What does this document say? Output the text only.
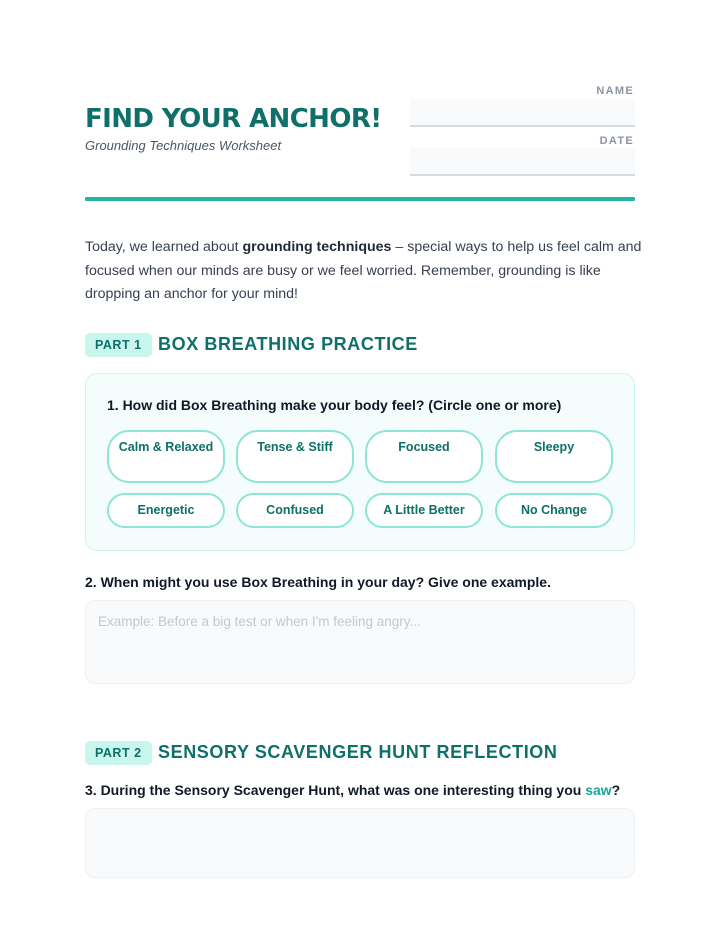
FIND YOUR ANCHOR!
Grounding Techniques Worksheet
NAME
DATE

Today, we learned about grounding techniques – special ways to help us feel calm and focused when our minds are busy or we feel worried. Remember, grounding is like dropping an anchor for your mind!

PART 1 BOX BREATHING PRACTICE
1. How did Box Breathing make your body feel? (Circle one or more)
Calm & Relaxed	Tense & Stiff	Focused	Sleepy
Energetic	Confused	A Little Better	No Change
2. When might you use Box Breathing in your day? Give one example.
Example: Before a big test or when I'm feeling angry...
PART 2 SENSORY SCAVENGER HUNT REFLECTION
3. During the Sensory Scavenger Hunt, what was one interesting thing you saw?
